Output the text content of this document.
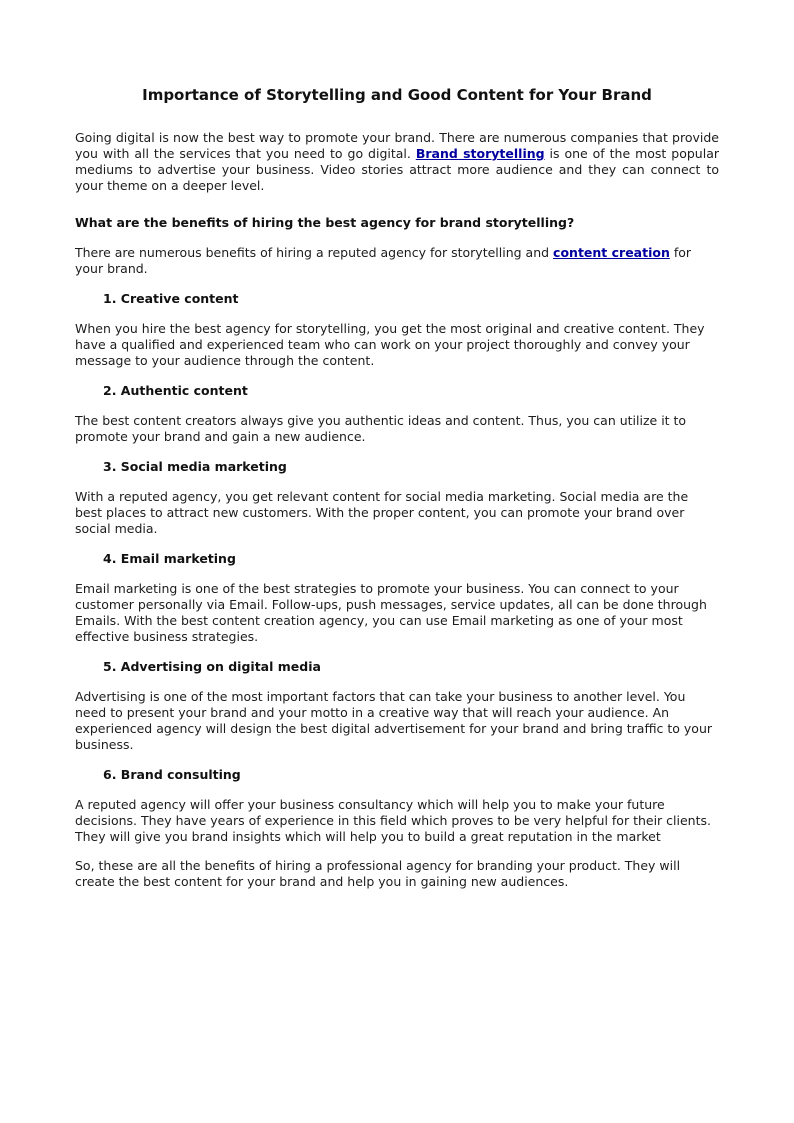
Importance of Storytelling and Good Content for Your Brand

Going digital is now the best way to promote your brand. There are numerous companies that provide you with all the services that you need to go digital. Brand storytelling is one of the most popular mediums to advertise your business. Video stories attract more audience and they can connect to your theme on a deeper level.

What are the benefits of hiring the best agency for brand storytelling?

There are numerous benefits of hiring a reputed agency for storytelling and content creation for your brand.

1. Creative content

When you hire the best agency for storytelling, you get the most original and creative content. They have a qualified and experienced team who can work on your project thoroughly and convey your message to your audience through the content.

2. Authentic content

The best content creators always give you authentic ideas and content. Thus, you can utilize it to promote your brand and gain a new audience.

3. Social media marketing

With a reputed agency, you get relevant content for social media marketing. Social media are the best places to attract new customers. With the proper content, you can promote your brand over social media.

4. Email marketing

Email marketing is one of the best strategies to promote your business. You can connect to your customer personally via Email. Follow-ups, push messages, service updates, all can be done through Emails. With the best content creation agency, you can use Email marketing as one of your most effective business strategies.

5. Advertising on digital media

Advertising is one of the most important factors that can take your business to another level. You need to present your brand and your motto in a creative way that will reach your audience. An experienced agency will design the best digital advertisement for your brand and bring traffic to your business.

6. Brand consulting

A reputed agency will offer your business consultancy which will help you to make your future decisions. They have years of experience in this field which proves to be very helpful for their clients. They will give you brand insights which will help you to build a great reputation in the market

So, these are all the benefits of hiring a professional agency for branding your product. They will create the best content for your brand and help you in gaining new audiences.
